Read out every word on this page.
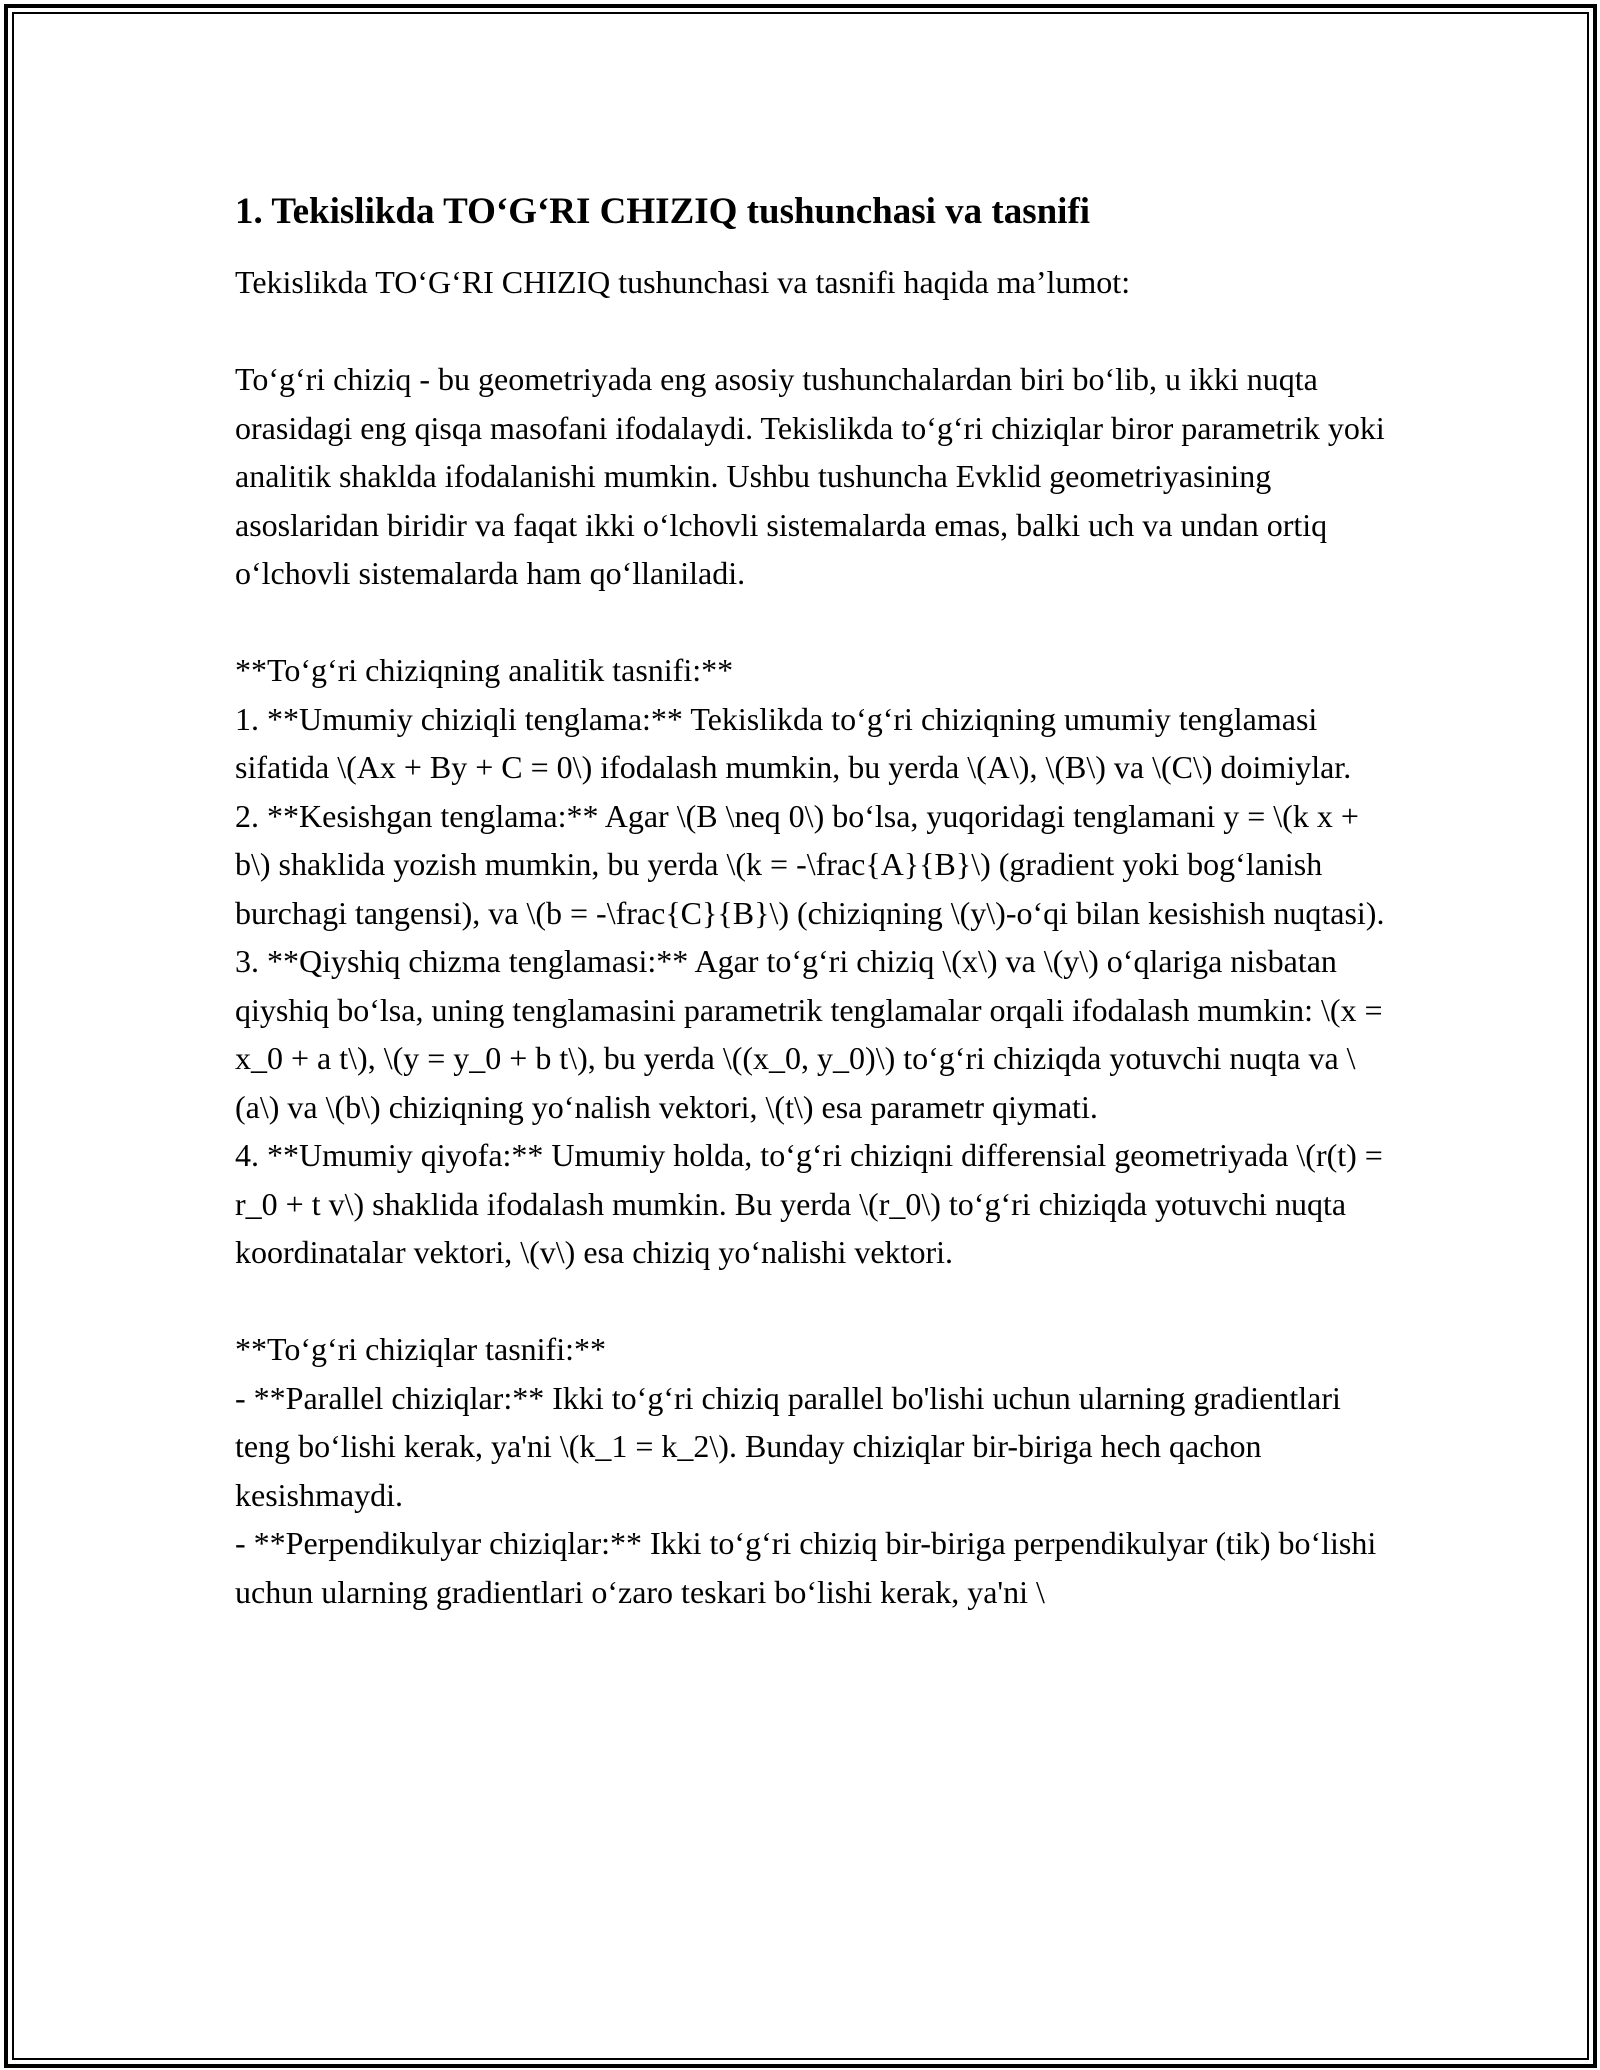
1. Tekislikda TO‘G‘RI CHIZIQ tushunchasi va tasnifi

Tekislikda TO‘G‘RI CHIZIQ tushunchasi va tasnifi haqida ma’lumot:

To‘g‘ri chiziq - bu geometriyada eng asosiy tushunchalardan biri bo‘lib, u ikki nuqta orasidagi eng qisqa masofani ifodalaydi. Tekislikda to‘g‘ri chiziqlar biror parametrik yoki analitik shaklda ifodalanishi mumkin. Ushbu tushuncha Evklid geometriyasining asoslaridan biridir va faqat ikki o‘lchovli sistemalarda emas, balki uch va undan ortiq o‘lchovli sistemalarda ham qo‘llaniladi.

**To‘g‘ri chiziqning analitik tasnifi:**

1. **Umumiy chiziqli tenglama:** Tekislikda to‘g‘ri chiziqning umumiy tenglamasi sifatida \(Ax + By + C = 0\) ifodalash mumkin, bu yerda \(A\), \(B\) va \(C\) doimiylar.

2. **Kesishgan tenglama:** Agar \(B \neq 0\) bo‘lsa, yuqoridagi tenglamani y = \(k x + b\) shaklida yozish mumkin, bu yerda \(k = -\frac{A}{B}\) (gradient yoki bog‘lanish burchagi tangensi), va \(b = -\frac{C}{B}\) (chiziqning \(y\)-o‘qi bilan kesishish nuqtasi).

3. **Qiyshiq chizma tenglamasi:** Agar to‘g‘ri chiziq \(x\) va \(y\) o‘qlariga nisbatan qiyshiq bo‘lsa, uning tenglamasini parametrik tenglamalar orqali ifodalash mumkin: \(x = x_0 + a t\), \(y = y_0 + b t\), bu yerda \((x_0, y_0)\) to‘g‘ri chiziqda yotuvchi nuqta va \(a\) va \(b\) chiziqning yo‘nalish vektori, \(t\) esa parametr qiymati.

4. **Umumiy qiyofa:** Umumiy holda, to‘g‘ri chiziqni differensial geometriyada \(r(t) = r_0 + t v\) shaklida ifodalash mumkin. Bu yerda \(r_0\) to‘g‘ri chiziqda yotuvchi nuqta koordinatalar vektori, \(v\) esa chiziq yo‘nalishi vektori.

**To‘g‘ri chiziqlar tasnifi:**

- **Parallel chiziqlar:** Ikki to‘g‘ri chiziq parallel bo'lishi uchun ularning gradientlari teng bo‘lishi kerak, ya'ni \(k_1 = k_2\). Bunday chiziqlar bir-biriga hech qachon kesishmaydi.

- **Perpendikulyar chiziqlar:** Ikki to‘g‘ri chiziq bir-biriga perpendikulyar (tik) bo‘lishi uchun ularning gradientlari o‘zaro teskari bo‘lishi kerak, ya'ni \
